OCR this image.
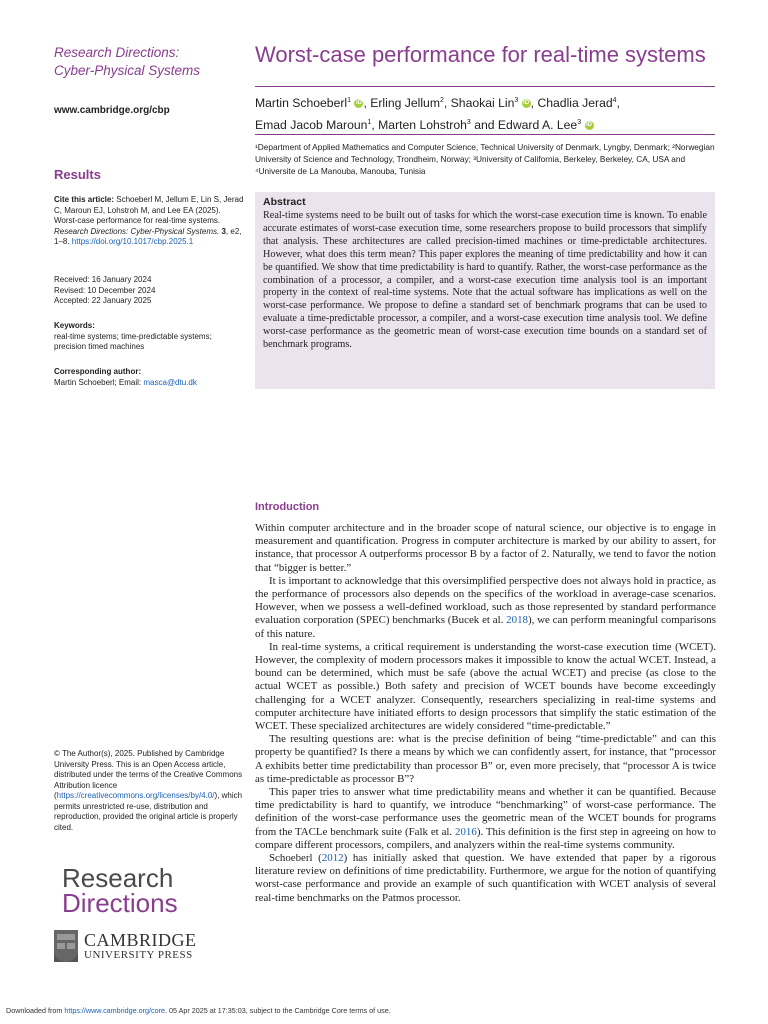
Research Directions:
Cyber-Physical Systems
www.cambridge.org/cbp
Results
Cite this article: Schoeberl M, Jellum E, Lin S, Jerad C, Maroun EJ, Lohstroh M, and Lee EA (2025). Worst-case performance for real-time systems. Research Directions: Cyber-Physical Systems. 3, e2, 1–8. https://doi.org/10.1017/cbp.2025.1
Received: 16 January 2024
Revised: 10 December 2024
Accepted: 22 January 2025
Keywords:
real-time systems; time-predictable systems; precision timed machines
Corresponding author:
Martin Schoeberl; Email: masca@dtu.dk
© The Author(s), 2025. Published by Cambridge University Press. This is an Open Access article, distributed under the terms of the Creative Commons Attribution licence (https://creativecommons.org/licenses/by/4.0/), which permits unrestricted re-use, distribution and reproduction, provided the original article is properly cited.
Research
Directions
CAMBRIDGE
UNIVERSITY PRESS
Worst-case performance for real-time systems
Martin Schoeberl$^1$ iD , Erling Jellum$^2$, Shaokai Lin$^3$ iD , Chadlia Jerad$^4$,
Emad Jacob Maroun$^1$, Marten Lohstroh$^3$ and Edward A. Lee$^3$ iD
¹Department of Applied Mathematics and Computer Science, Technical University of Denmark, Lyngby, Denmark; ²Norwegian University of Science and Technology, Trondheim, Norway; ³University of California, Berkeley, Berkeley, CA, USA and ⁴Universite de La Manouba, Manouba, Tunisia
Abstract

Real-time systems need to be built out of tasks for which the worst-case execution time is known. To enable accurate estimates of worst-case execution time, some researchers propose to build processors that simplify that analysis. These architectures are called precision-timed machines or time-predictable architectures. However, what does this term mean? This paper explores the meaning of time predictability and how it can be quantified. We show that time predictability is hard to quantify. Rather, the worst-case performance as the combination of a processor, a compiler, and a worst-case execution time analysis tool is an important property in the context of real-time systems. Note that the actual software has implications as well on the worst-case performance. We propose to define a standard set of benchmark programs that can be used to evaluate a time-predictable processor, a compiler, and a worst-case execution time analysis tool. We define worst-case performance as the geometric mean of worst-case execution time bounds on a standard set of benchmark programs.

Introduction

Within computer architecture and in the broader scope of natural science, our objective is to engage in measurement and quantification. Progress in computer architecture is marked by our ability to assert, for instance, that processor A outperforms processor B by a factor of 2. Naturally, we tend to favor the notion that “bigger is better.”

It is important to acknowledge that this oversimplified perspective does not always hold in practice, as the performance of processors also depends on the specifics of the workload in average-case scenarios. However, when we possess a well-defined workload, such as those represented by standard performance evaluation corporation (SPEC) benchmarks (Bucek et al. 2018), we can perform meaningful comparisons of this nature.

In real-time systems, a critical requirement is understanding the worst-case execution time (WCET). However, the complexity of modern processors makes it impossible to know the actual WCET. Instead, a bound can be determined, which must be safe (above the actual WCET) and precise (as close to the actual WCET as possible.) Both safety and precision of WCET bounds have become exceedingly challenging for a WCET analyzer. Consequently, researchers specializing in real-time systems and computer architecture have initiated efforts to design processors that simplify the static estimation of the WCET. These specialized architectures are widely considered “time-predictable.”

The resulting questions are: what is the precise definition of being “time-predictable” and can this property be quantified? Is there a means by which we can confidently assert, for instance, that “processor A exhibits better time predictability than processor B” or, even more precisely, that “processor A is twice as time-predictable as processor B”?

This paper tries to answer what time predictability means and whether it can be quantified. Because time predictability is hard to quantify, we introduce “benchmarking” of worst-case performance. The definition of the worst-case performance uses the geometric mean of the WCET bounds for programs from the TACLe benchmark suite (Falk et al. 2016). This definition is the first step in agreeing on how to compare different processors, compilers, and analyzers within the real-time systems community.

Schoeberl (2012) has initially asked that question. We have extended that paper by a rigorous literature review on definitions of time predictability. Furthermore, we argue for the notion of quantifying worst-case performance and provide an example of such quantification with WCET analysis of several real-time benchmarks on the Patmos processor.

Downloaded from https://www.cambridge.org/core. 05 Apr 2025 at 17:35:03, subject to the Cambridge Core terms of use.
